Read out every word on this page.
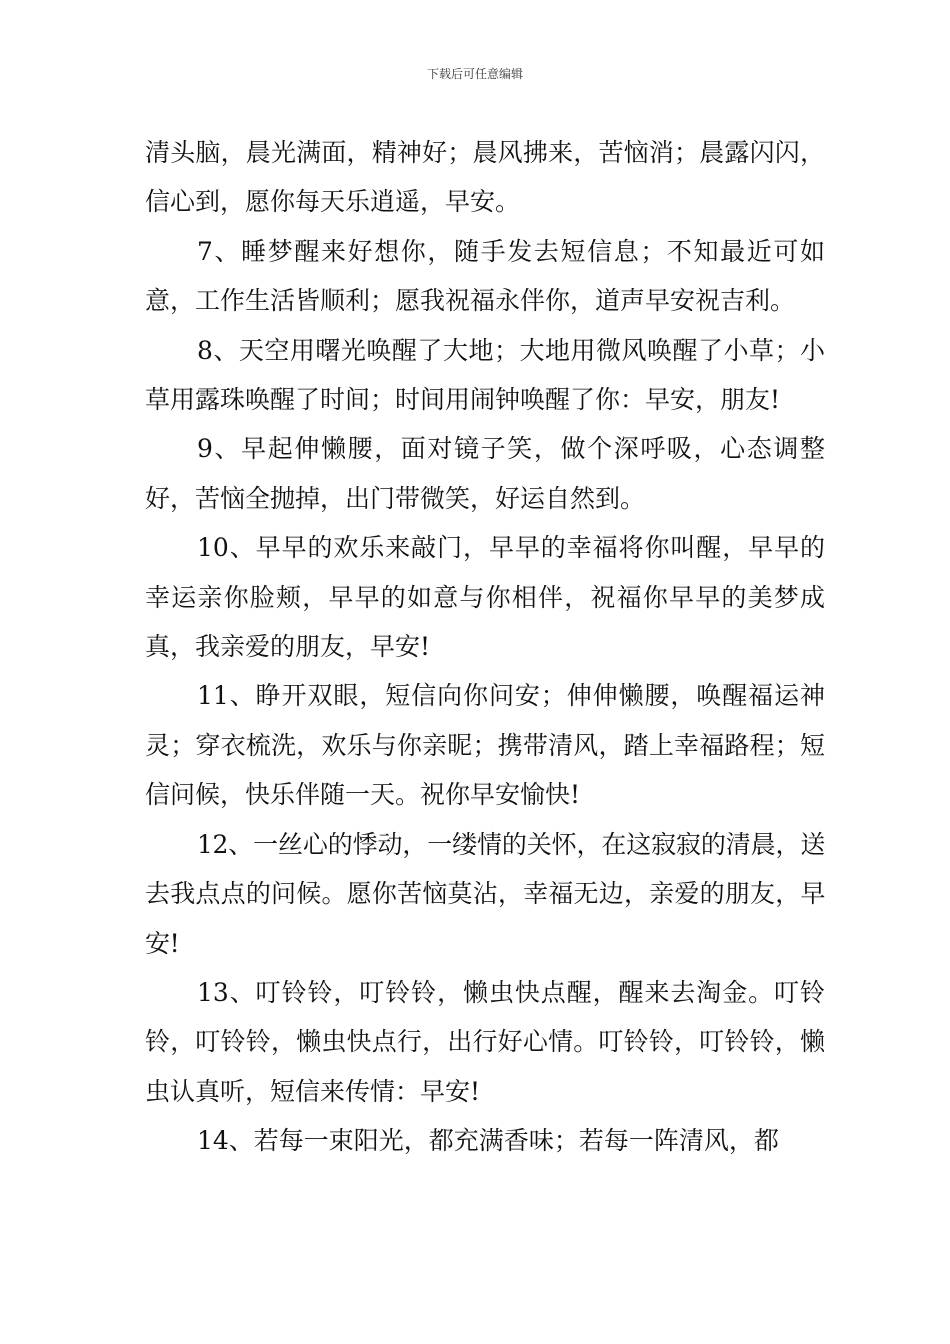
下载后可任意编辑

清头脑，晨光满面，精神好；晨风拂来，苦恼消；晨露闪闪，信心到，愿你每天乐逍遥，早安。

7、睡梦醒来好想你，随手发去短信息；不知最近可如意，工作生活皆顺利；愿我祝福永伴你，道声早安祝吉利。

8、天空用曙光唤醒了大地；大地用微风唤醒了小草；小草用露珠唤醒了时间；时间用闹钟唤醒了你：早安，朋友!

9、早起伸懒腰，面对镜子笑，做个深呼吸，心态调整好，苦恼全抛掉，出门带微笑，好运自然到。

10、早早的欢乐来敲门，早早的幸福将你叫醒，早早的幸运亲你脸颊，早早的如意与你相伴，祝福你早早的美梦成真，我亲爱的朋友，早安!

11、睁开双眼，短信向你问安；伸伸懒腰，唤醒福运神灵；穿衣梳洗，欢乐与你亲昵；携带清风，踏上幸福路程；短信问候，快乐伴随一天。祝你早安愉快!

12、一丝心的悸动，一缕情的关怀，在这寂寂的清晨，送去我点点的问候。愿你苦恼莫沾，幸福无边，亲爱的朋友，早安!

13、叮铃铃，叮铃铃，懒虫快点醒，醒来去淘金。叮铃铃，叮铃铃，懒虫快点行，出行好心情。叮铃铃，叮铃铃，懒虫认真听，短信来传情：早安!

14、若每一束阳光，都充满香味；若每一阵清风，都
